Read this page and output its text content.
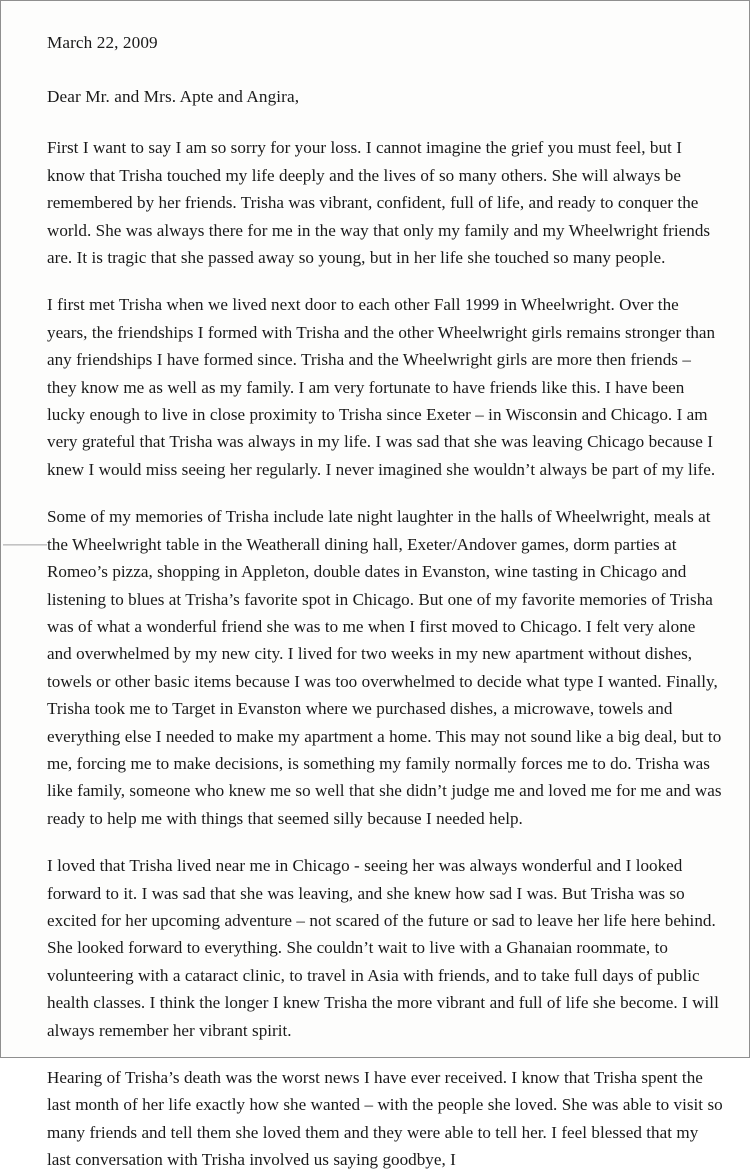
March 22, 2009
Dear Mr. and Mrs. Apte and Angira,

First I want to say I am so sorry for your loss. I cannot imagine the grief you must feel, but I know that Trisha touched my life deeply and the lives of so many others. She will always be remembered by her friends. Trisha was vibrant, confident, full of life, and ready to conquer the world. She was always there for me in the way that only my family and my Wheelwright friends are. It is tragic that she passed away so young, but in her life she touched so many people.

I first met Trisha when we lived next door to each other Fall 1999 in Wheelwright. Over the years, the friendships I formed with Trisha and the other Wheelwright girls remains stronger than any friendships I have formed since. Trisha and the Wheelwright girls are more then friends – they know me as well as my family. I am very fortunate to have friends like this. I have been lucky enough to live in close proximity to Trisha since Exeter – in Wisconsin and Chicago. I am very grateful that Trisha was always in my life. I was sad that she was leaving Chicago because I knew I would miss seeing her regularly. I never imagined she wouldn’t always be part of my life.

Some of my memories of Trisha include late night laughter in the halls of Wheelwright, meals at the Wheelwright table in the Weatherall dining hall, Exeter/Andover games, dorm parties at Romeo’s pizza, shopping in Appleton, double dates in Evanston, wine tasting in Chicago and listening to blues at Trisha’s favorite spot in Chicago. But one of my favorite memories of Trisha was of what a wonderful friend she was to me when I first moved to Chicago. I felt very alone and overwhelmed by my new city. I lived for two weeks in my new apartment without dishes, towels or other basic items because I was too overwhelmed to decide what type I wanted. Finally, Trisha took me to Target in Evanston where we purchased dishes, a microwave, towels and everything else I needed to make my apartment a home. This may not sound like a big deal, but to me, forcing me to make decisions, is something my family normally forces me to do. Trisha was like family, someone who knew me so well that she didn’t judge me and loved me for me and was ready to help me with things that seemed silly because I needed help.

I loved that Trisha lived near me in Chicago - seeing her was always wonderful and I looked forward to it. I was sad that she was leaving, and she knew how sad I was. But Trisha was so excited for her upcoming adventure – not scared of the future or sad to leave her life here behind. She looked forward to everything. She couldn’t wait to live with a Ghanaian roommate, to volunteering with a cataract clinic, to travel in Asia with friends, and to take full days of public health classes. I think the longer I knew Trisha the more vibrant and full of life she become. I will always remember her vibrant spirit.

Hearing of Trisha’s death was the worst news I have ever received. I know that Trisha spent the last month of her life exactly how she wanted – with the people she loved. She was able to visit so many friends and tell them she loved them and they were able to tell her. I feel blessed that my last conversation with Trisha involved us saying goodbye, I
